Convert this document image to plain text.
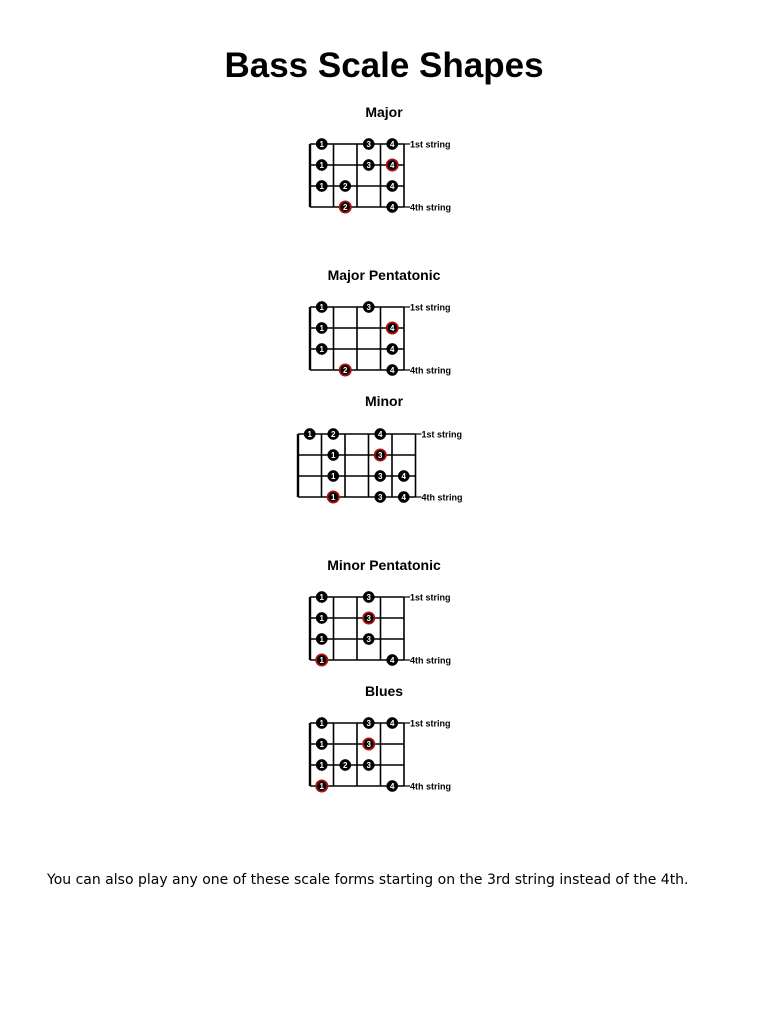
Bass Scale Shapes
Major
1st string
4th string
1	3 4
1	3 4
1 2	4
2	4
Major Pentatonic
1st string
4th string
1	3
1	4
1	4
2	4
Minor
1st string
4th string
1 2	4
1	3
1	3 4
1	3 4
Minor Pentatonic
1st string
4th string
1	3
1	3
1	3
1	4
Blues
1st string
4th string
1	3 4
1	3
1 2 3
1	4
You can also play any one of these scale forms starting on the 3rd string instead of the 4th.
